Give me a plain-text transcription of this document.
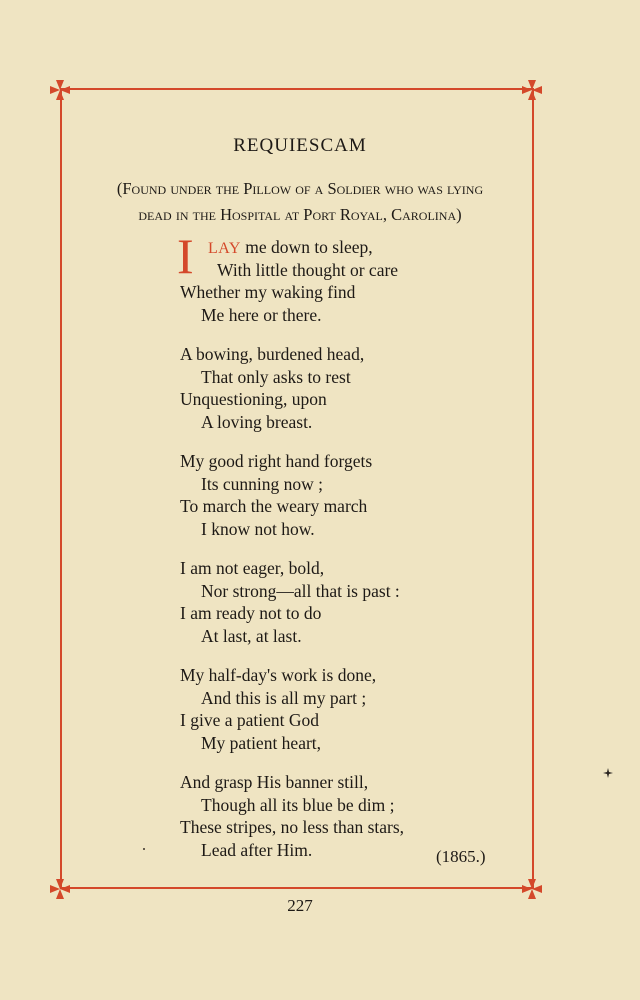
REQUIESCAM
(Found under the Pillow of a Soldier who was lying
dead in the Hospital at Port Royal, Carolina)
I LAY me down to sleep,
With little thought or care
Whether my waking find
Me here or there.
A bowing, burdened head,
That only asks to rest
Unquestioning, upon
A loving breast.
My good right hand forgets
Its cunning now ;
To march the weary march
I know not how.
I am not eager, bold,
Nor strong—all that is past :
I am ready not to do
At last, at last.
My half-day's work is done,
And this is all my part ;
I give a patient God
My patient heart,
And grasp His banner still,
Though all its blue be dim ;
These stripes, no less than stars,
Lead after Him.	(1865.)
227
